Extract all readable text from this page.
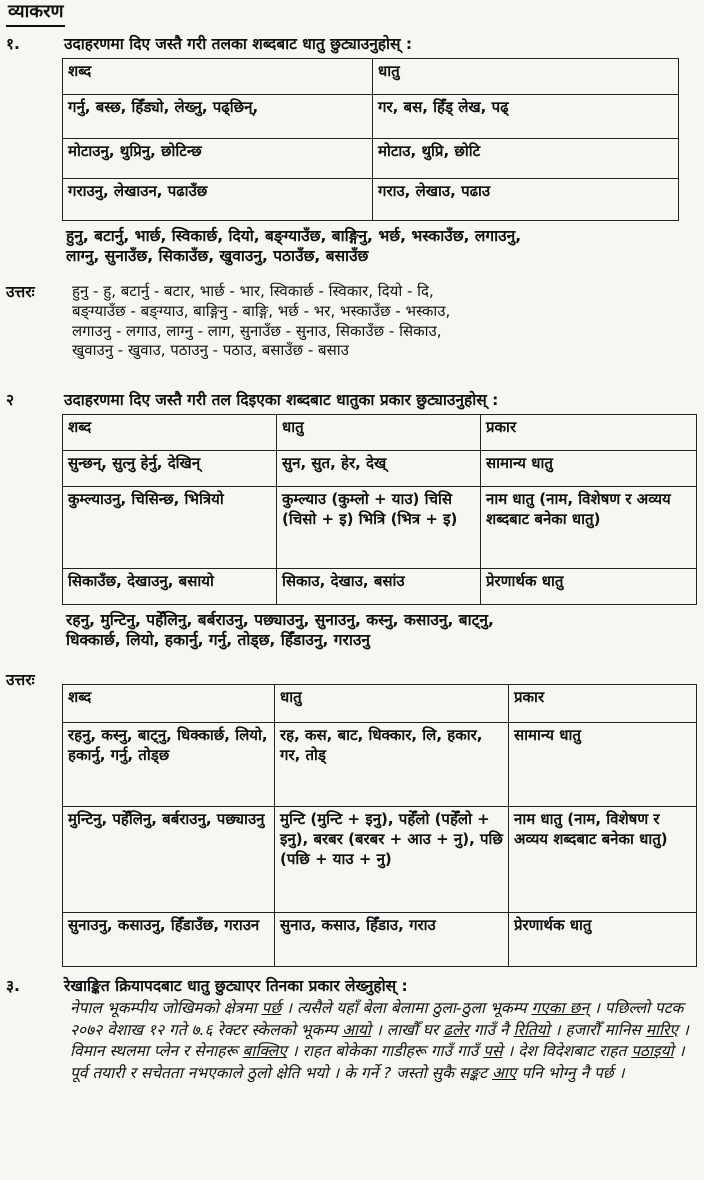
व्याकरण
१.	उदाहरणमा दिए जस्तै गरी तलका शब्दबाट धातु छुट्याउनुहोस् :
शब्द	धातु
गर्नु, बस्छ, हिँड्यो, लेख्नु, पढ्छिन्,	गर, बस, हिँड् लेख, पढ्
मोटाउनु, थुप्रिनु, छोटिन्छ	मोटाउ, थुप्रि, छोटि
गराउनु, लेखाउन, पढाउँछ	गराउ, लेखाउ, पढाउ
हुनु, बटार्नु, भार्छ, स्विकार्छ, दियो, बङ्ग्याउँछ, बाङ्गिनु, भर्छ, भस्काउँछ, लगाउनु,
लाग्नु, सुनाउँछ, सिकाउँछ, खुवाउनु, पठाउँछ, बसाउँछ
उत्तरः हुनु - हु, बटार्नु - बटार, भार्छ - भार, स्विकार्छ - स्विकार, दियो - दि,
बङ्ग्याउँछ - बङ्ग्याउ, बाङ्गिनु - बाङ्गि, भर्छ - भर, भस्काउँछ - भस्काउ,
लगाउनु - लगाउ, लाग्नु - लाग, सुनाउँछ - सुनाउ, सिकाउँछ - सिकाउ,
खुवाउनु - खुवाउ, पठाउनु - पठाउ, बसाउँछ - बसाउ
२	उदाहरणमा दिए जस्तै गरी तल दिइएका शब्दबाट धातुका प्रकार छुट्याउनुहोस् :
शब्द	धातु	प्रकार
सुन्छन्, सुत्नु हेर्नु, देखिन्	सुन, सुत, हेर, देख्	सामान्य धातु
कुम्ल्याउनु, चिसिन्छ, भित्रियो	कुम्ल्याउ (कुम्लो + याउ) चिसि (चिसो + इ) भित्रि (भित्र + इ)	नाम धातु (नाम, विशेषण र अव्यय शब्दबाट बनेका धातु)
सिकाउँछ, देखाउनु, बसायो	सिकाउ, देखाउ, बसांउ	प्रेरणार्थक धातु
रहनु, मुन्टिनु, पहेँलिनु, बर्बराउनु, पछ्याउनु, सुनाउनु, कस्नु, कसाउनु, बाट्नु,
धिक्कार्छ, लियो, हकार्नु, गर्नु, तोड्छ, हिँडाउनु, गराउनु
उत्तरः
शब्द	धातु	प्रकार
रहनु, कस्नु, बाट्नु, धिक्कार्छ, लियो, हकार्नु, गर्नु, तोड्छ	रह, कस, बाट, धिक्कार, लि, हकार, गर, तोड्	सामान्य धातु
मुन्टिनु, पहेँलिनु, बर्बराउनु, पछ्याउनु	मुन्टि (मुन्टि + इनु), पहेँलो (पहेँलो + इनु), बरबर (बरबर + आउ + नु), पछि (पछि + याउ + नु)	नाम धातु (नाम, विशेषण र अव्यय शब्दबाट बनेका धातु)
सुनाउनु, कसाउनु, हिँडाउँछ, गराउन	सुनाउ, कसाउ, हिँडाउ, गराउ	प्रेरणार्थक धातु
३.	रेखाङ्कित क्रियापदबाट धातु छुट्याएर तिनका प्रकार लेख्नुहोस् :
नेपाल भूकम्पीय जोखिमको क्षेत्रमा पर्छ । त्यसैले यहाँ बेला बेलामा ठुला-ठुला भूकम्प गएका छन् । पछिल्लो पटक २०७२ वेशाख १२ गते ७.६ रेक्टर स्केलको भूकम्प आयो । लाखौँ घर ढलेर गाउँ नै रितियो । हजारौँ मानिस मारिए । विमान स्थलमा प्लेन र सेनाहरू बाक्लिए । राहत बोकेका गाडीहरू गाउँ गाउँ पसे । देश विदेशबाट राहत पठाइयो । पूर्व तयारी र सचेतता नभएकाले ठुलो क्षेति भयो । के गर्ने ? जस्तो सुकै सङ्कट आए पनि भोग्नु नै पर्छ ।
